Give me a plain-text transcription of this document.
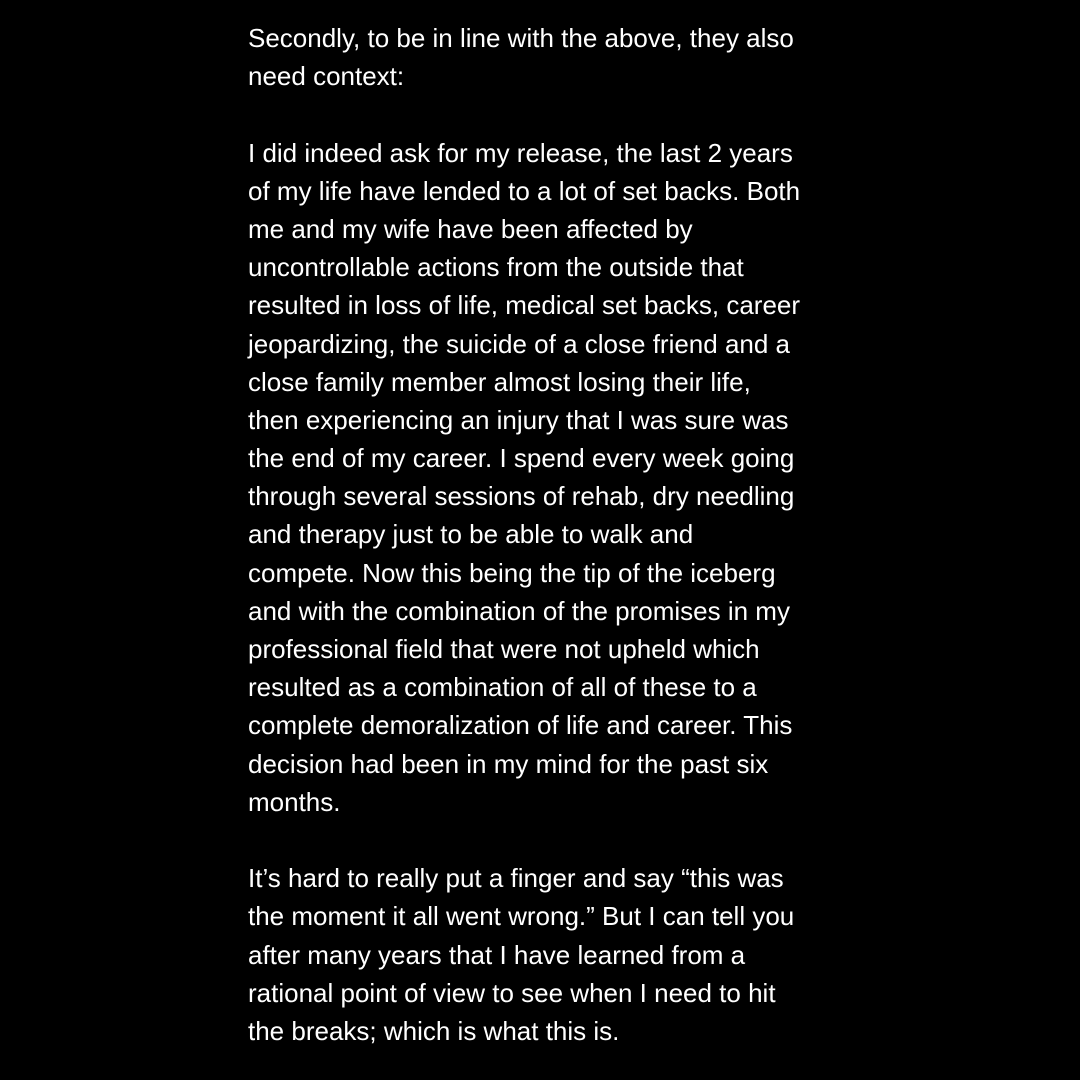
Secondly, to be in line with the above, they also
need context:
I did indeed ask for my release, the last 2 years
of my life have lended to a lot of set backs. Both
me and my wife have been affected by
uncontrollable actions from the outside that
resulted in loss of life, medical set backs, career
jeopardizing, the suicide of a close friend and a
close family member almost losing their life,
then experiencing an injury that I was sure was
the end of my career. I spend every week going
through several sessions of rehab, dry needling
and therapy just to be able to walk and
compete. Now this being the tip of the iceberg
and with the combination of the promises in my
professional field that were not upheld which
resulted as a combination of all of these to a
complete demoralization of life and career. This
decision had been in my mind for the past six
months.
It’s hard to really put a finger and say “this was
the moment it all went wrong.” But I can tell you
after many years that I have learned from a
rational point of view to see when I need to hit
the breaks; which is what this is.
